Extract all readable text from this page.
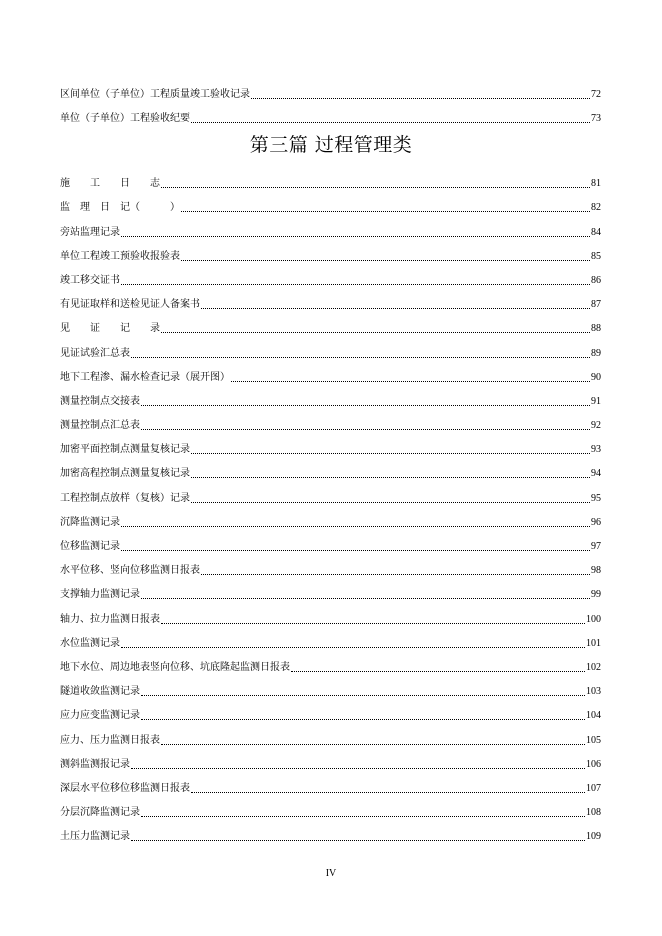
区间单位（子单位）工程质量竣工验收记录	72
单位（子单位）工程验收纪要	73
第三篇 过程管理类
施　　工　　日　　志	81
监　理　日　记（　　　）	82
旁站监理记录	84
单位工程竣工预验收报验表	85
竣工移交证书	86
有见证取样和送检见证人备案书	87
见　　证　　记　　录	88
见证试验汇总表	89
地下工程渗、漏水检查记录（展开图）	90
测量控制点交接表	91
测量控制点汇总表	92
加密平面控制点测量复核记录	93
加密高程控制点测量复核记录	94
工程控制点放样（复核）记录	95
沉降监测记录	96
位移监测记录	97
水平位移、竖向位移监测日报表	98
支撑轴力监测记录	99
轴力、拉力监测日报表	100
水位监测记录	101
地下水位、周边地表竖向位移、坑底隆起监测日报表	102
隧道收敛监测记录	103
应力应变监测记录	104
应力、压力监测日报表	105
测斜监测报记录	106
深层水平位移位移监测日报表	107
分层沉降监测记录	108
土压力监测记录	109
IV
